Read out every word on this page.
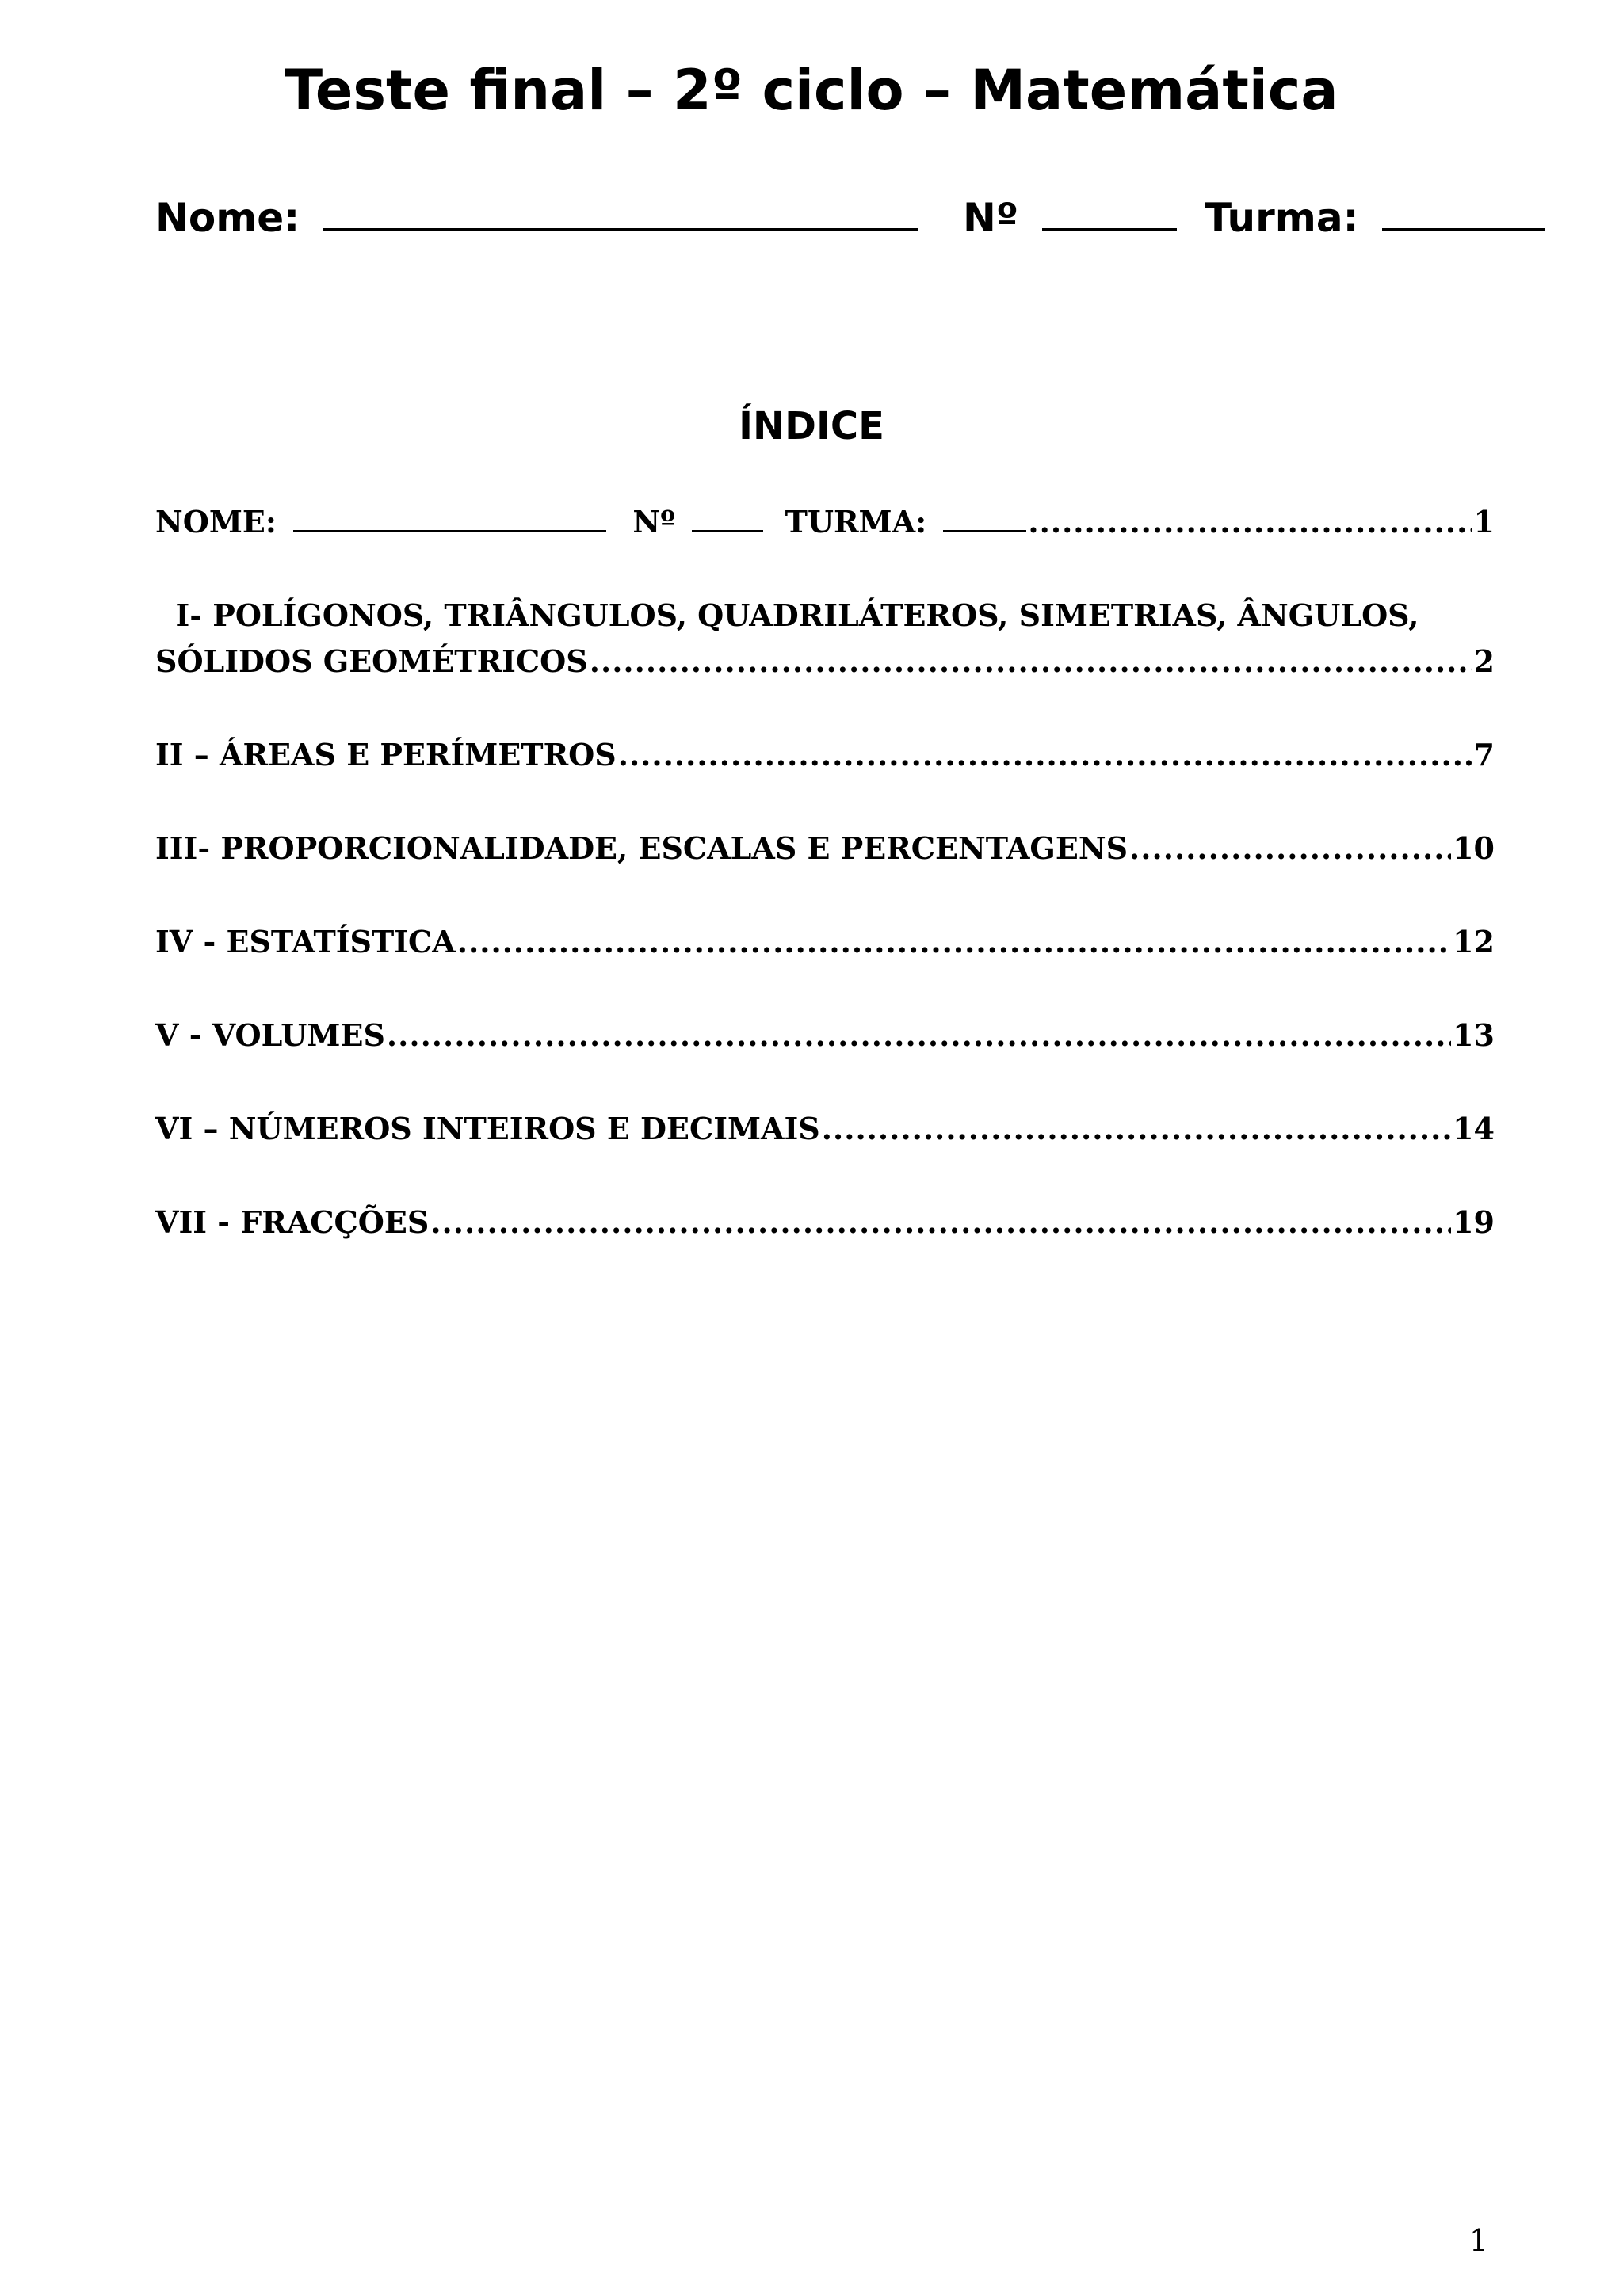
Teste final – 2º ciclo – Matemática
Nome:	Nº	Turma:
ÍNDICE
NOME:	Nº	TURMA: .....	1
I- POLÍGONOS, TRIÂNGULOS, QUADRILÁTEROS, SIMETRIAS, ÂNGULOS,
SÓLIDOS GEOMÉTRICOS .....	2
II – ÁREAS E PERÍMETROS .....	7
III- PROPORCIONALIDADE, ESCALAS E PERCENTAGENS .....	10
IV - ESTATÍSTICA .....	12
V - VOLUMES .....	13
VI – NÚMEROS INTEIROS E DECIMAIS .....	14
VII - FRACÇÕES .....	19
1
